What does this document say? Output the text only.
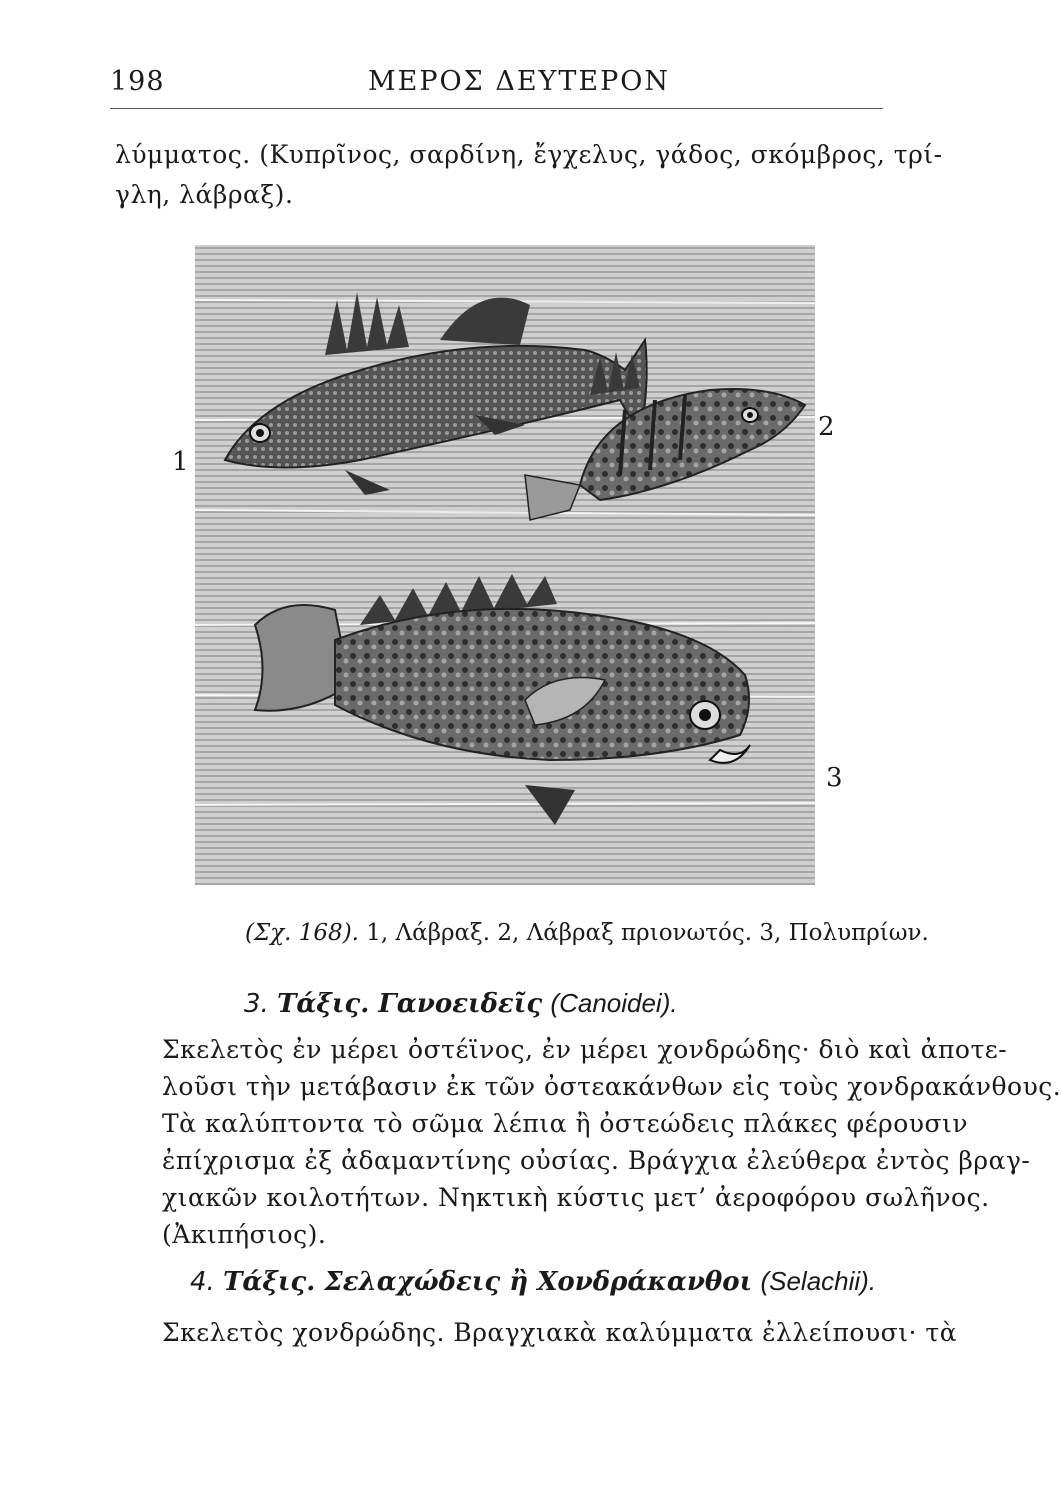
198	ΜΕΡΟΣ ΔΕΥΤΕΡΟΝ
λύμματος. (Κυπρῖνος, σαρδίνη, ἔγχελυς, γάδος, σκόμβρος, τρί-
γλη, λάβραξ).
1
2
3
(Σχ. 168). 1, Λάβραξ. 2, Λάβραξ πριονωτός. 3, Πολυπρίων.
3. Τάξις. Γανοειδεῖς (Canoidei).
Σκελετὸς ἐν μέρει ὀστέϊνος, ἐν μέρει χονδρώδης· διὸ καὶ ἀποτε-
λοῦσι τὴν μετάβασιν ἐκ τῶν ὀστεακάνθων εἰς τοὺς χονδρακάνθους.
Τὰ καλύπτοντα τὸ σῶμα λέπια ἢ ὀστεώδεις πλάκες φέρουσιν
ἐπίχρισμα ἐξ ἀδαμαντίνης οὐσίας. Βράγχια ἐλεύθερα ἐντὸς βραγ-
χιακῶν κοιλοτήτων. Νηκτικὴ κύστις μετ’ ἀεροφόρου σωλῆνος.
(Ἀκιπήσιος).
4. Τάξις. Σελαχώδεις ἢ Χονδράκανθοι (Selachii).
Σκελετὸς χονδρώδης. Βραγχιακὰ καλύμματα ἐλλείπουσι· τὰ
